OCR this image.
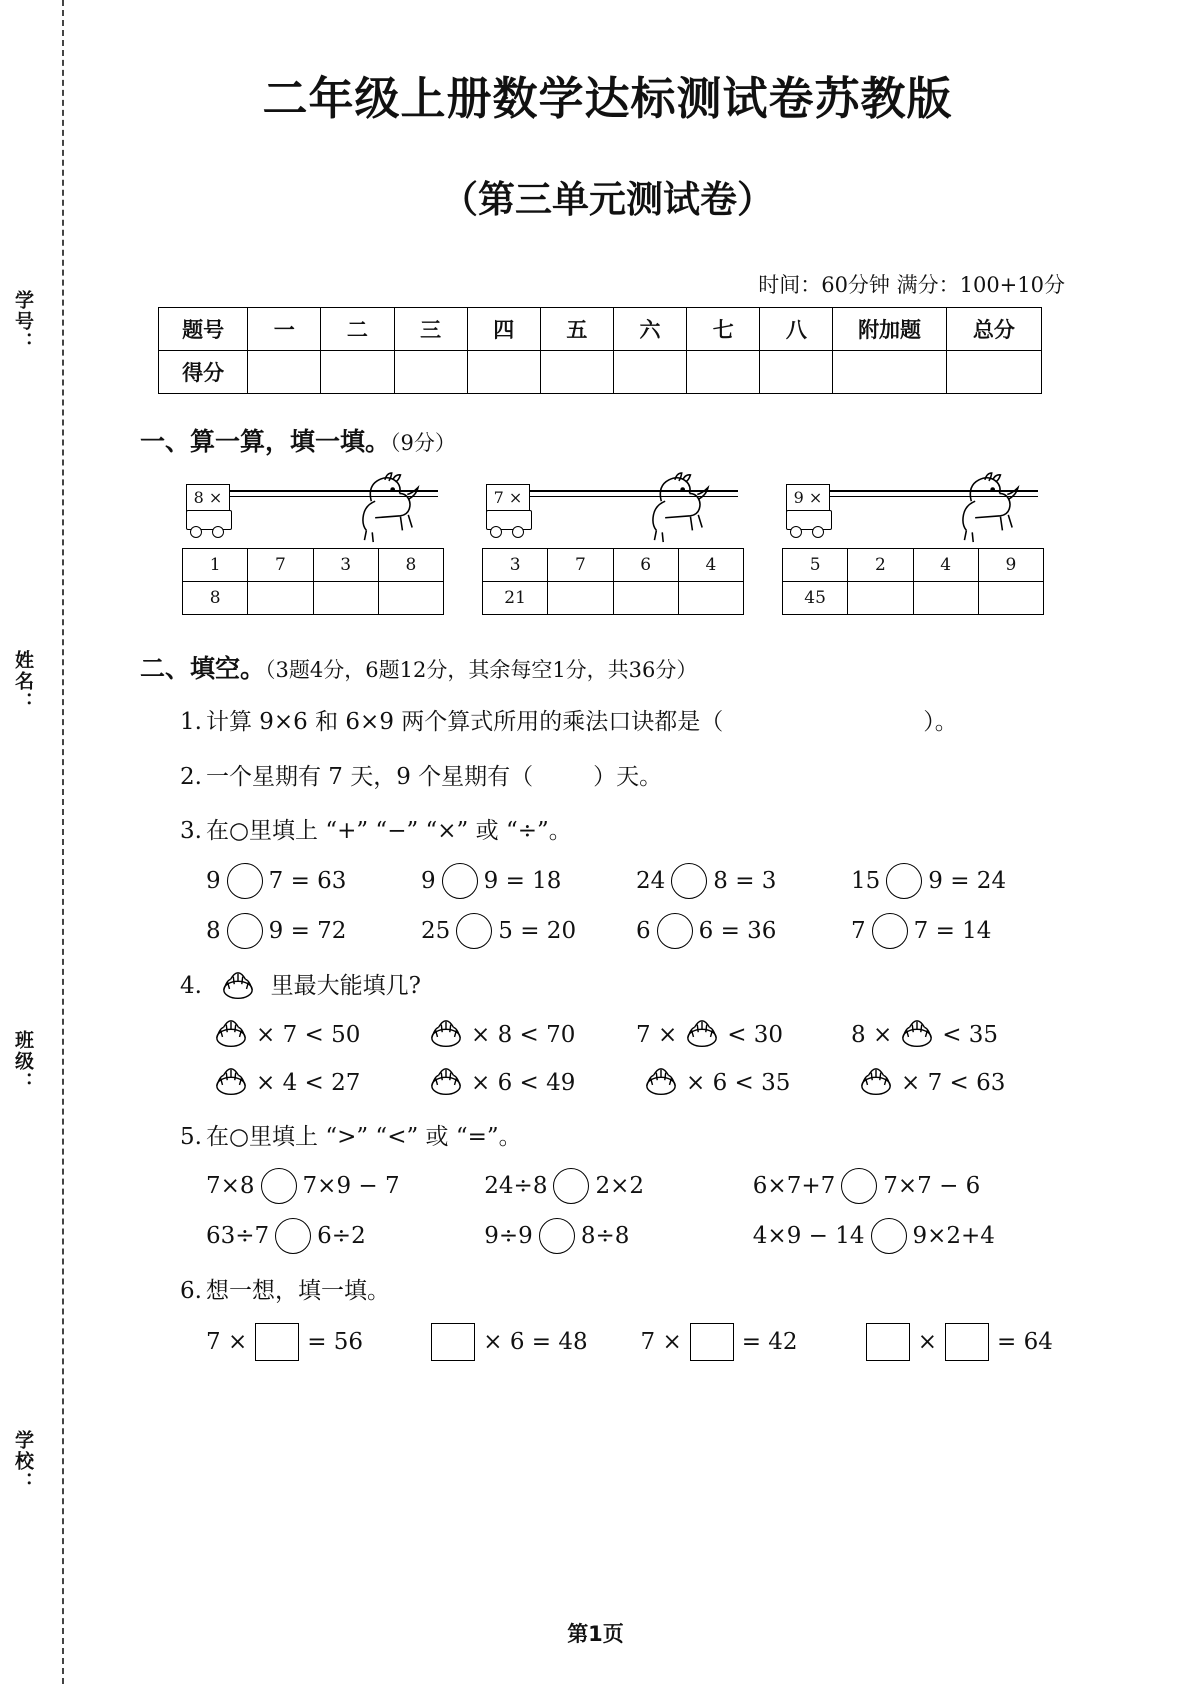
学号：
姓名：
班级：
学校：
二年级上册数学达标测试卷苏教版
（第三单元测试卷）
时间：60分钟 满分：100+10分
题号	一	二	三	四	五	六	七	八	附加题	总分
得分										
一、算一算，填一填。（9分）
8 ×
1	7	3	8
8			
7 ×
3	7	6	4
21			
9 ×
5	2	4	9
45			
二、填空。（3题4分，6题12分，其余每空1分，共36分）
1. 计算 9×6 和 6×9 两个算式所用的乘法口诀都是（	）。
2. 一个星期有 7 天，9 个星期有（	）天。
3. 在○里填上 “+” “−” “×” 或 “÷”。
9 7 = 63	9 9 = 18	24 8 = 3	15 9 = 24
8 9 = 72	25 5 = 20	6 6 = 36	7 7 = 14
4.	里最大能填几?
× 7 < 50	× 8 < 70	7 × < 30	8 × < 35
× 4 < 27	× 6 < 49	× 6 < 35	× 7 < 63
5. 在○里填上 “>” “<” 或 “=”。
7×8 7×9 − 7	24÷8 2×2	6×7+7 7×7 − 6
63÷7 6÷2	9÷9 8÷8	4×9 − 14 9×2+4
6. 想一想，填一填。
7 ×	= 56	× 6 = 48 7 ×	= 42	×	= 64
第1页
